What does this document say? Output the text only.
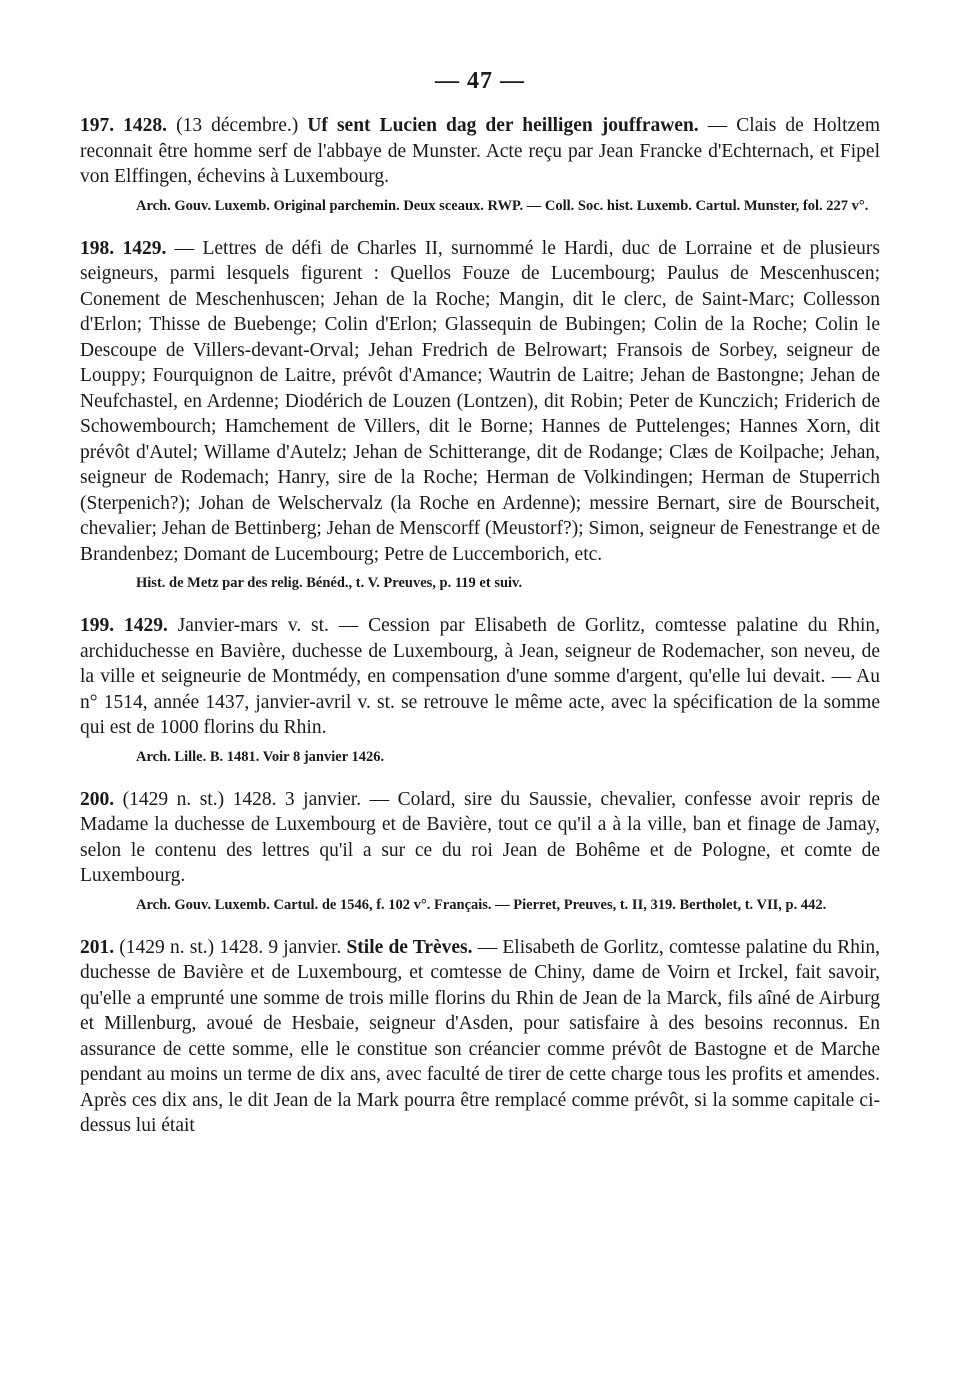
— 47 —

197. 1428. (13 décembre.) Uf sent Lucien dag der heilligen jouffrawen. — Clais de Holtzem reconnait être homme serf de l'abbaye de Munster. Acte reçu par Jean Francke d'Echternach, et Fipel von Elffingen, échevins à Luxembourg.

Arch. Gouv. Luxemb. Original parchemin. Deux sceaux. RWP. — Coll. Soc. hist. Luxemb. Cartul. Munster, fol. 227 v°.

198. 1429. — Lettres de défi de Charles II, surnommé le Hardi, duc de Lorraine et de plusieurs seigneurs, parmi lesquels figurent : Quellos Fouze de Lucembourg; Paulus de Mescenhuscen; Conement de Meschenhuscen; Jehan de la Roche; Mangin, dit le clerc, de Saint-Marc; Collesson d'Erlon; Thisse de Buebenge; Colin d'Erlon; Glassequin de Bubingen; Colin de la Roche; Colin le Descoupe de Villers-devant-Orval; Jehan Fredrich de Belrowart; Fransois de Sorbey, seigneur de Louppy; Fourquignon de Laitre, prévôt d'Amance; Wautrin de Laitre; Jehan de Bastongne; Jehan de Neufchastel, en Ardenne; Diodérich de Louzen (Lontzen), dit Robin; Peter de Kunczich; Friderich de Schowembourch; Hamchement de Villers, dit le Borne; Hannes de Puttelenges; Hannes Xorn, dit prévôt d'Autel; Willame d'Autelz; Jehan de Schitterange, dit de Rodange; Clæs de Koilpache; Jehan, seigneur de Rodemach; Hanry, sire de la Roche; Herman de Volkindingen; Herman de Stuperrich (Sterpenich?); Johan de Welschervalz (la Roche en Ardenne); messire Bernart, sire de Bourscheit, chevalier; Jehan de Bettinberg; Jehan de Menscorff (Meustorf?); Simon, seigneur de Fenestrange et de Brandenbez; Domant de Lucembourg; Petre de Luccemborich, etc.

Hist. de Metz par des relig. Bénéd., t. V. Preuves, p. 119 et suiv.

199. 1429. Janvier-mars v. st. — Cession par Elisabeth de Gorlitz, comtesse palatine du Rhin, archiduchesse en Bavière, duchesse de Luxembourg, à Jean, seigneur de Rodemacher, son neveu, de la ville et seigneurie de Montmédy, en compensation d'une somme d'argent, qu'elle lui devait. — Au n° 1514, année 1437, janvier-avril v. st. se retrouve le même acte, avec la spécification de la somme qui est de 1000 florins du Rhin.

Arch. Lille. B. 1481. Voir 8 janvier 1426.

200. (1429 n. st.) 1428. 3 janvier. — Colard, sire du Saussie, chevalier, confesse avoir repris de Madame la duchesse de Luxembourg et de Bavière, tout ce qu'il a à la ville, ban et finage de Jamay, selon le contenu des lettres qu'il a sur ce du roi Jean de Bohême et de Pologne, et comte de Luxembourg.

Arch. Gouv. Luxemb. Cartul. de 1546, f. 102 v°. Français. — Pierret, Preuves, t. II, 319. Bertholet, t. VII, p. 442.

201. (1429 n. st.) 1428. 9 janvier. Stile de Trèves. — Elisabeth de Gorlitz, comtesse palatine du Rhin, duchesse de Bavière et de Luxembourg, et comtesse de Chiny, dame de Voirn et Irckel, fait savoir, qu'elle a emprunté une somme de trois mille florins du Rhin de Jean de la Marck, fils aîné de Airburg et Millenburg, avoué de Hesbaie, seigneur d'Asden, pour satisfaire à des besoins reconnus. En assurance de cette somme, elle le constitue son créancier comme prévôt de Bastogne et de Marche pendant au moins un terme de dix ans, avec faculté de tirer de cette charge tous les profits et amendes. Après ces dix ans, le dit Jean de la Mark pourra être remplacé comme prévôt, si la somme capitale ci-dessus lui était
